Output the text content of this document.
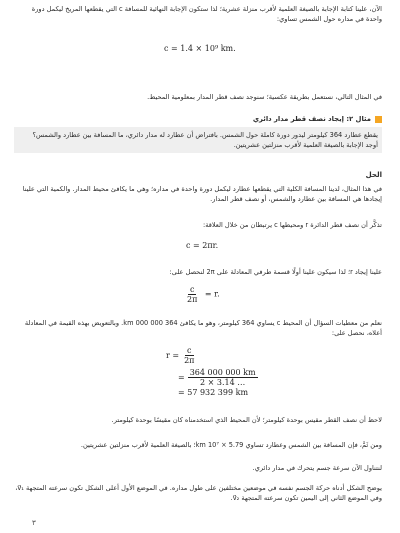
الآن، علينا كتابة الإجابة بالصيغة العلمية لأقرب منزلة عشرية؛ لذا ستكون الإجابة النهائية للمسافة c التي يقطعها المريخ ليكمل دورة واحدة في مداره حول الشمس تساوي:
c = 1.4 × 10⁹ km.
في المثال التالي، نستعمل بطريقة عكسية؛ سنوجد نصف قطر المدار بمعلومية المحيط.
مثال ٢: إيجاد نصف قطر مدار دائري
يقطع عطارد 364 كيلومتر ليدور دورة كاملة حول الشمس. بافتراض أن عطارد له مدار دائري، ما المسافة بين عطارد والشمس؟ أوجد الإجابة بالصيغة العلمية لأقرب منزلتين عشريتين.
الحل
في هذا المثال، لدينا المسافة الكلية التي يقطعها عطارد ليكمل دورة واحدة في مداره؛ وهي ما يكافئ محيط المدار. والكمية التي علينا إيجادها هي المسافة بين عطارد والشمس، أو نصف قطر المدار.
تذكَّر أن نصف قطر الدائرة r ومحيطها c يرتبطان من خلال العلاقة:
c = 2πr.
علينا إيجاد r؛ لذا سيكون علينا أولًا قسمة طرفي المعادلة على 2π لنحصل على:
$\frac{c}{2\pi} = r$.
نعلم من معطيات السؤال أن المحيط c يساوي 364 كيلومتر، وهو ما يكافئ 364 000 000 km. وبالتعويض بهذه القيمة في المعادلة أعلاه، نحصل على:
$r = \frac{c}{2\pi}$
= $\frac{364 000 000 km}{2 \times 3.14 \dots}$
= 57 932 399 km
لاحظ أن نصف القطر مقيس بوحدة كيلومتر؛ لأن المحيط الذي استخدمناه كان مقيسًا بوحدة كيلومتر.
ومن ثَمَّ، فإن المسافة بين الشمس وعطارد تساوي km 10⁷ × 5.79؛ بالصيغة العلمية لأقرب منزلتين عشريتين.
لنتناول الآن سرعة جسم يتحرك في مدار دائري.
يوضح الشكل أدناه حركة الجسم نفسه في موضعين مختلفين على طول مداره. في الموضع الأول أعلى الشكل تكون سرعته المتجهة v⃗₁، وفي الموضع الثاني إلى اليمين تكون سرعته المتجهة v⃗₂.
٣
